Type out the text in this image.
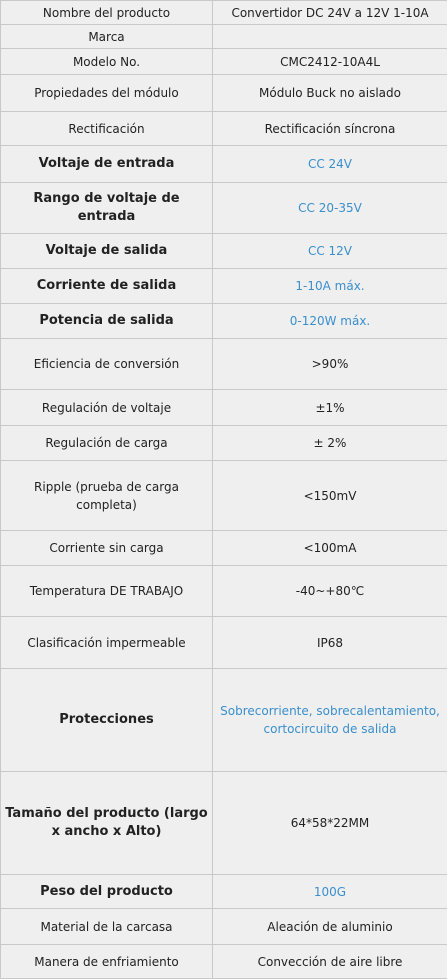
Nombre del producto	Convertidor DC 24V a 12V 1-10A
Marca	
Modelo No.	CMC2412-10A4L
Propiedades del módulo	Módulo Buck no aislado
Rectificación	Rectificación síncrona
Voltaje de entrada	CC 24V
Rango de voltaje de entrada	CC 20-35V
Voltaje de salida	CC 12V
Corriente de salida	1-10A máx.
Potencia de salida	0-120W máx.
Eficiencia de conversión	>90%
Regulación de voltaje	±1%
Regulación de carga	± 2%
Ripple (prueba de carga completa)	<150mV
Corriente sin carga	<100mA
Temperatura DE TRABAJO	-40~+80℃
Clasificación impermeable	IP68
Protecciones	Sobrecorriente, sobrecalentamiento, cortocircuito de salida
Tamaño del producto (largo x ancho x Alto)	64*58*22MM
Peso del producto	100G
Material de la carcasa	Aleación de aluminio
Manera de enfriamiento	Convección de aire libre
